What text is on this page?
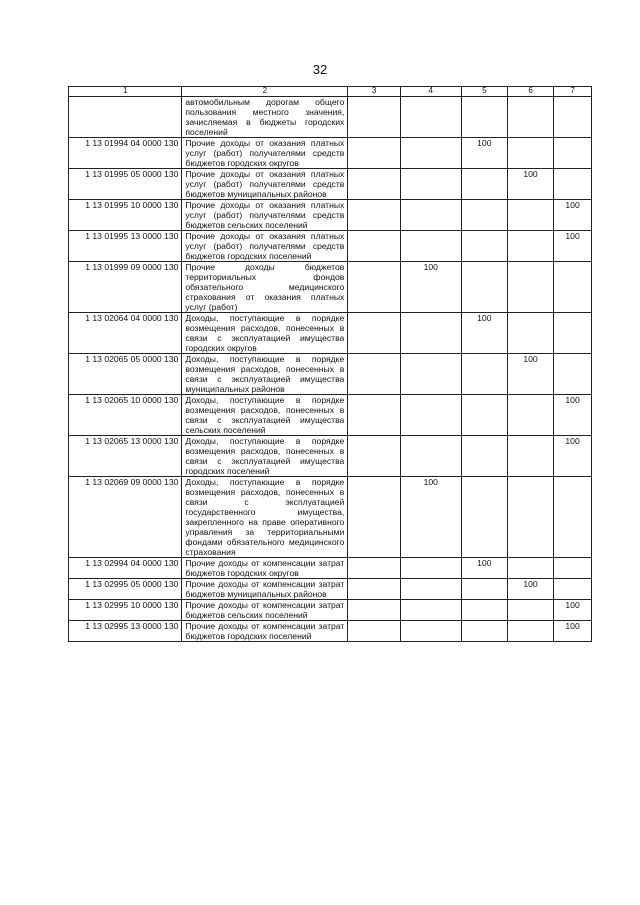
32
1	2	3	4	5	6	7
	автомобильным дорогам общего пользования местного значения, зачисляемая в бюджеты городских поселений					
1 13 01994 04 0000 130	Прочие доходы от оказания платных услуг (работ) получателями средств бюджетов городских округов			100		
1 13 01995 05 0000 130	Прочие доходы от оказания платных услуг (работ) получателями средств бюджетов муниципальных районов				100	
1 13 01995 10 0000 130	Прочие доходы от оказания платных услуг (работ) получателями средств бюджетов сельских поселений					100
1 13 01995 13 0000 130	Прочие доходы от оказания платных услуг (работ) получателями средств бюджетов городских поселений					100
1 13 01999 09 0000 130	Прочие доходы бюджетов территориальных фондов обязательного медицинского страхования от оказания платных услуг (работ)		100			
1 13 02064 04 0000 130	Доходы, поступающие в порядке возмещения расходов, понесенных в связи с эксплуатацией имущества городских округов			100		
1 13 02065 05 0000 130	Доходы, поступающие в порядке возмещения расходов, понесенных в связи с эксплуатацией имущества муниципальных районов				100	
1 13 02065 10 0000 130	Доходы, поступающие в порядке возмещения расходов, понесенных в связи с эксплуатацией имущества сельских поселений					100
1 13 02065 13 0000 130	Доходы, поступающие в порядке возмещения расходов, понесенных в связи с эксплуатацией имущества городских поселений					100
1 13 02069 09 0000 130	Доходы, поступающие в порядке возмещения расходов, понесенных в связи с эксплуатацией государственного имущества, закрепленного на праве оперативного управления за территориальными фондами обязательного медицинского страхования		100			
1 13 02994 04 0000 130	Прочие доходы от компенсации затрат бюджетов городских округов			100		
1 13 02995 05 0000 130	Прочие доходы от компенсации затрат бюджетов муниципальных районов				100	
1 13 02995 10 0000 130	Прочие доходы от компенсации затрат бюджетов сельских поселений					100
1 13 02995 13 0000 130	Прочие доходы от компенсации затрат бюджетов городских поселений					100
